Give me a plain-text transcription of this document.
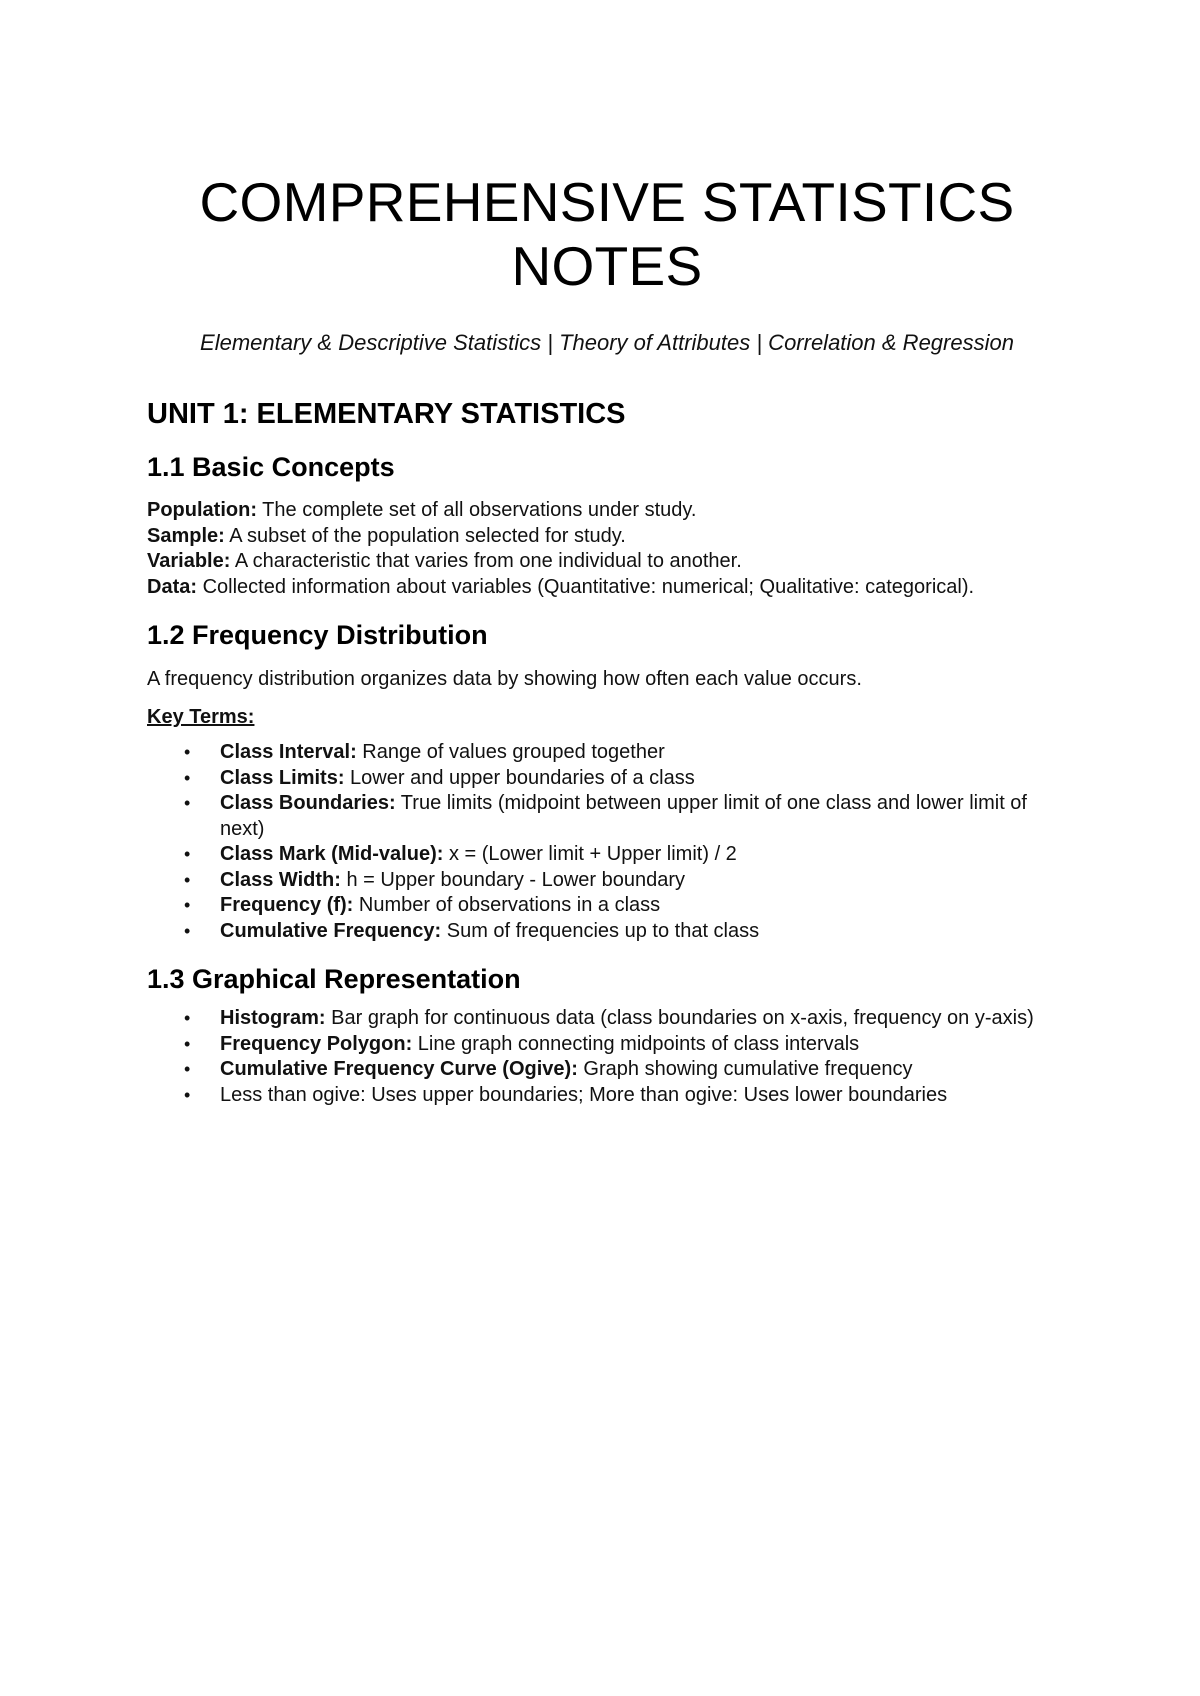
COMPREHENSIVE STATISTICS
NOTES

Elementary & Descriptive Statistics | Theory of Attributes | Correlation & Regression

UNIT 1: ELEMENTARY STATISTICS
1.1 Basic Concepts

Population: The complete set of all observations under study.

Sample: A subset of the population selected for study.

Variable: A characteristic that varies from one individual to another.

Data: Collected information about variables (Quantitative: numerical; Qualitative: categorical).

1.2 Frequency Distribution

A frequency distribution organizes data by showing how often each value occurs.

Key Terms:
• Class Interval: Range of values grouped together
• Class Limits: Lower and upper boundaries of a class
• Class Boundaries: True limits (midpoint between upper limit of one class and lower limit of next)
• Class Mark (Mid-value): x = (Lower limit + Upper limit) / 2
• Class Width: h = Upper boundary - Lower boundary
• Frequency (f): Number of observations in a class
• Cumulative Frequency: Sum of frequencies up to that class
1.3 Graphical Representation
• Histogram: Bar graph for continuous data (class boundaries on x-axis, frequency on y-axis)
• Frequency Polygon: Line graph connecting midpoints of class intervals
• Cumulative Frequency Curve (Ogive): Graph showing cumulative frequency
• Less than ogive: Uses upper boundaries; More than ogive: Uses lower boundaries
